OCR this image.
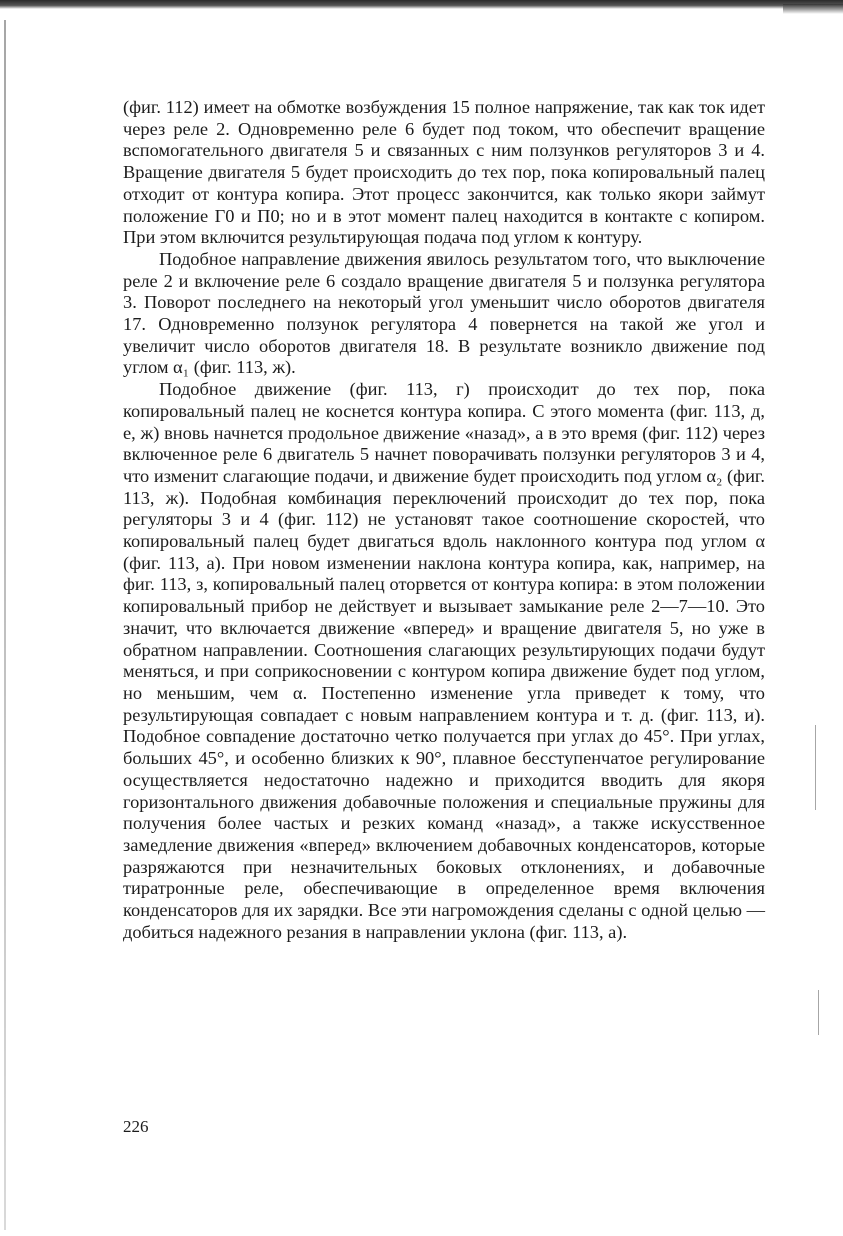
(фиг. 112) имеет на обмотке возбуждения 15 полное напряжение, так как ток идет через реле 2. Одновременно реле 6 будет под током, что обеспечит вращение вспомогательного двигателя 5 и связанных с ним ползунков регуляторов 3 и 4. Вращение двигателя 5 будет происходить до тех пор, пока копировальный палец отходит от контура копира. Этот процесс закончится, как только якори займут положение Г0 и П0; но и в этот момент палец находится в контакте с копиром. При этом включится результирующая подача под углом к контуру.

Подобное направление движения явилось результатом того, что выключение реле 2 и включение реле 6 создало вращение двигателя 5 и ползунка регулятора 3. Поворот последнего на некоторый угол уменьшит число оборотов двигателя 17. Одновременно ползунок регулятора 4 повернется на такой же угол и увеличит число оборотов двигателя 18. В результате возникло движение под углом α₁ (фиг. 113, ж).

Подобное движение (фиг. 113, г) происходит до тех пор, пока копировальный палец не коснется контура копира. С этого момента (фиг. 113, д, е, ж) вновь начнется продольное движение «назад», а в это время (фиг. 112) через включенное реле 6 двигатель 5 начнет поворачивать ползунки регуляторов 3 и 4, что изменит слагающие подачи, и движение будет происходить под углом α₂ (фиг. 113, ж). Подобная комбинация переключений происходит до тех пор, пока регуляторы 3 и 4 (фиг. 112) не установят такое соотношение скоростей, что копировальный палец будет двигаться вдоль наклонного контура под углом α (фиг. 113, а). При новом изменении наклона контура копира, как, например, на фиг. 113, з, копировальный палец оторвется от контура копира: в этом положении копировальный прибор не действует и вызывает замыкание реле 2—7—10. Это значит, что включается движение «вперед» и вращение двигателя 5, но уже в обратном направлении. Соотношения слагающих результирующих подачи будут меняться, и при соприкосновении с контуром копира движение будет под углом, но меньшим, чем α. Постепенно изменение угла приведет к тому, что результирующая совпадает с новым направлением контура и т. д. (фиг. 113, и). Подобное совпадение достаточно четко получается при углах до 45°. При углах, больших 45°, и особенно близких к 90°, плавное бесступенчатое регулирование осуществляется недостаточно надежно и приходится вводить для якоря горизонтального движения добавочные положения и специальные пружины для получения более частых и резких команд «назад», а также искусственное замедление движения «вперед» включением добавочных конденсаторов, которые разряжаются при незначительных боковых отклонениях, и добавочные тиратронные реле, обеспечивающие в определенное время включения конденсаторов для их зарядки. Все эти нагромождения сделаны с одной целью — добиться надежного резания в направлении уклона (фиг. 113, а).

226
